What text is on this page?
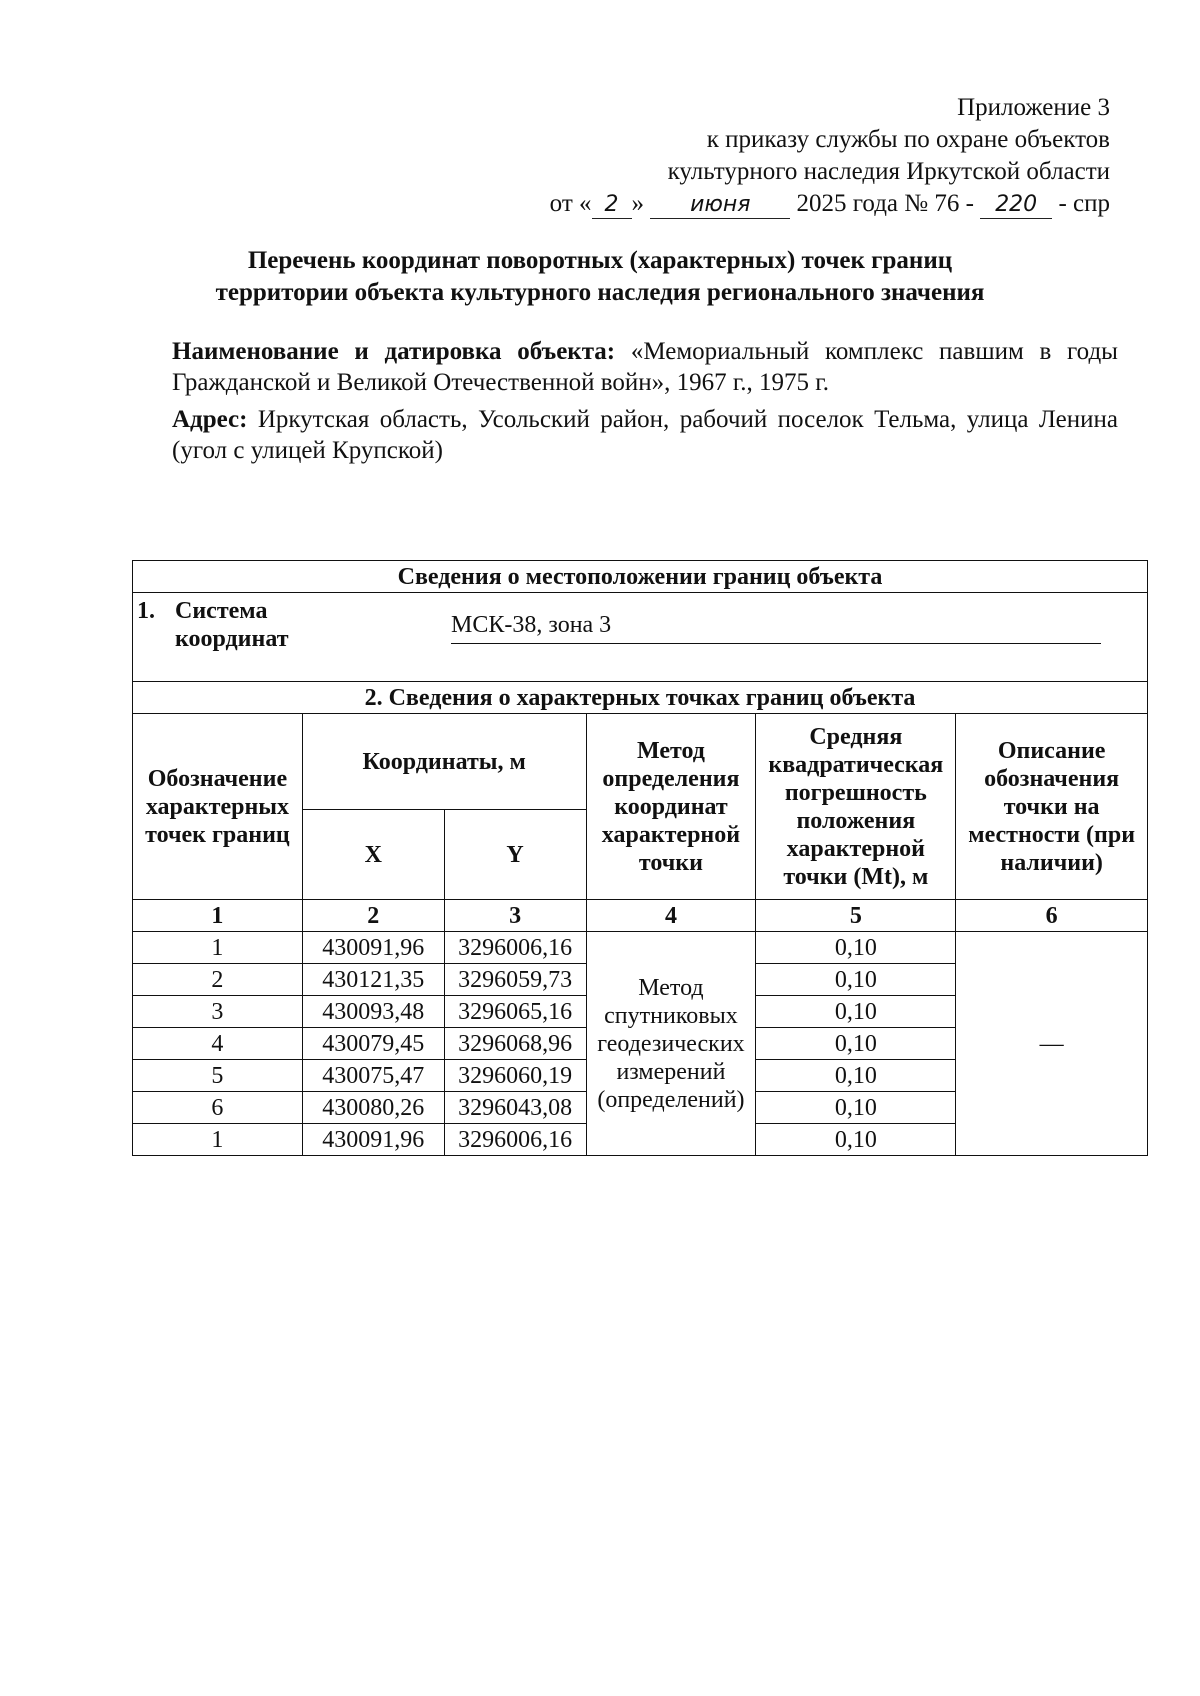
Приложение 3
к приказу службы по охране объектов
культурного наследия Иркутской области
от « 2 » июня 2025 года № 76 - 220 - спр
Перечень координат поворотных (характерных) точек границ
территории объекта культурного наследия регионального значения

Наименование и датировка объекта: «Мемориальный комплекс павшим в годы Гражданской и Великой Отечественной войн», 1967 г., 1975 г.

Адрес: Иркутская область, Усольский район, рабочий поселок Тельма, улица Ленина (угол с улицей Крупской)

Сведения о местоположении границ объекта					

1. Система
координат
МСК-38, зона 3					

2. Сведения о характерных точках границ объекта					
Обозначение характерных точек границ	Координаты, м		Метод определения координат характерной точки	Средняя квадратическая погрешность положения характерной точки (Mt), м	Описание обозначения точки на местности (при наличии)
	X	Y			
1	2	3	4	5	6
1	430091,96	3296006,16	Метод спутниковых геодезических измерений (определений)	0,10	—
2	430121,35	3296059,73		0,10	
3	430093,48	3296065,16		0,10	
4	430079,45	3296068,96		0,10	
5	430075,47	3296060,19		0,10	
6	430080,26	3296043,08		0,10	
1	430091,96	3296006,16		0,10	
